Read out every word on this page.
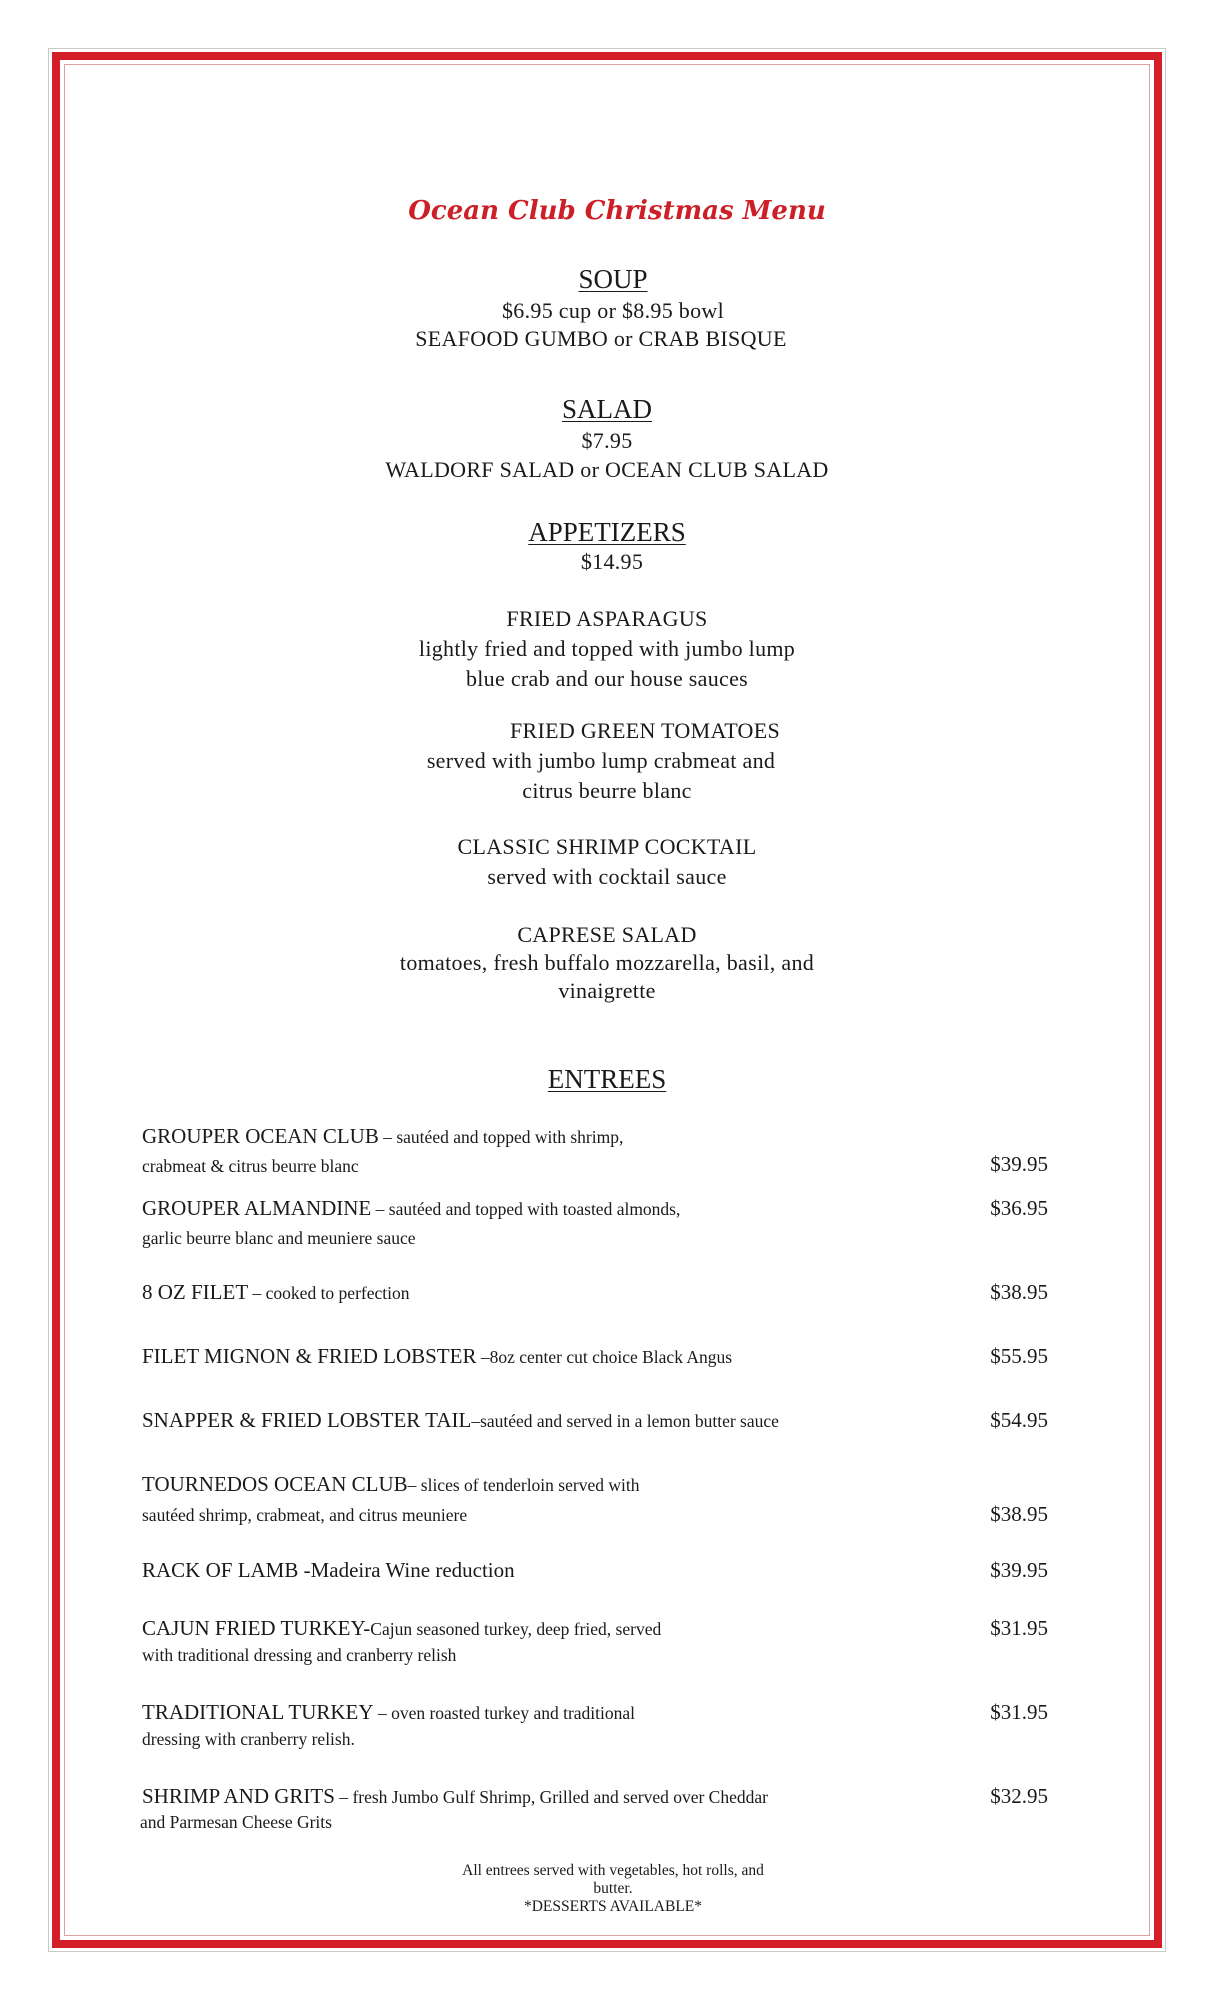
Ocean Club Christmas Menu
SOUP
$6.95 cup or $8.95 bowl
SEAFOOD GUMBO or CRAB BISQUE
SALAD
$7.95
WALDORF SALAD or OCEAN CLUB SALAD
APPETIZERS
$14.95
FRIED ASPARAGUS
lightly fried and topped with jumbo lump
blue crab and our house sauces
FRIED GREEN TOMATOES
served with jumbo lump crabmeat and
citrus beurre blanc
CLASSIC SHRIMP COCKTAIL
served with cocktail sauce
CAPRESE SALAD
tomatoes, fresh buffalo mozzarella, basil, and
vinaigrette
ENTREES
GROUPER OCEAN CLUB – sautéed and topped with shrimp,
crabmeat & citrus beurre blanc	$39.95
GROUPER ALMANDINE – sautéed and topped with toasted almonds,
garlic beurre blanc and meuniere sauce
$36.95
8 OZ FILET – cooked to perfection	$38.95
FILET MIGNON & FRIED LOBSTER –8oz center cut choice Black Angus	$55.95
SNAPPER & FRIED LOBSTER TAIL–sautéed and served in a lemon butter sauce	$54.95
TOURNEDOS OCEAN CLUB– slices of tenderloin served with
sautéed shrimp, crabmeat, and citrus meuniere	$38.95
RACK OF LAMB -Madeira Wine reduction	$39.95
CAJUN FRIED TURKEY-Cajun seasoned turkey, deep fried, served
with traditional dressing and cranberry relish
$31.95
TRADITIONAL TURKEY – oven roasted turkey and traditional
dressing with cranberry relish.
$31.95
SHRIMP AND GRITS – fresh Jumbo Gulf Shrimp, Grilled and served over Cheddar
and Parmesan Cheese Grits
$32.95
All entrees served with vegetables, hot rolls, and
butter.
*DESSERTS AVAILABLE*
